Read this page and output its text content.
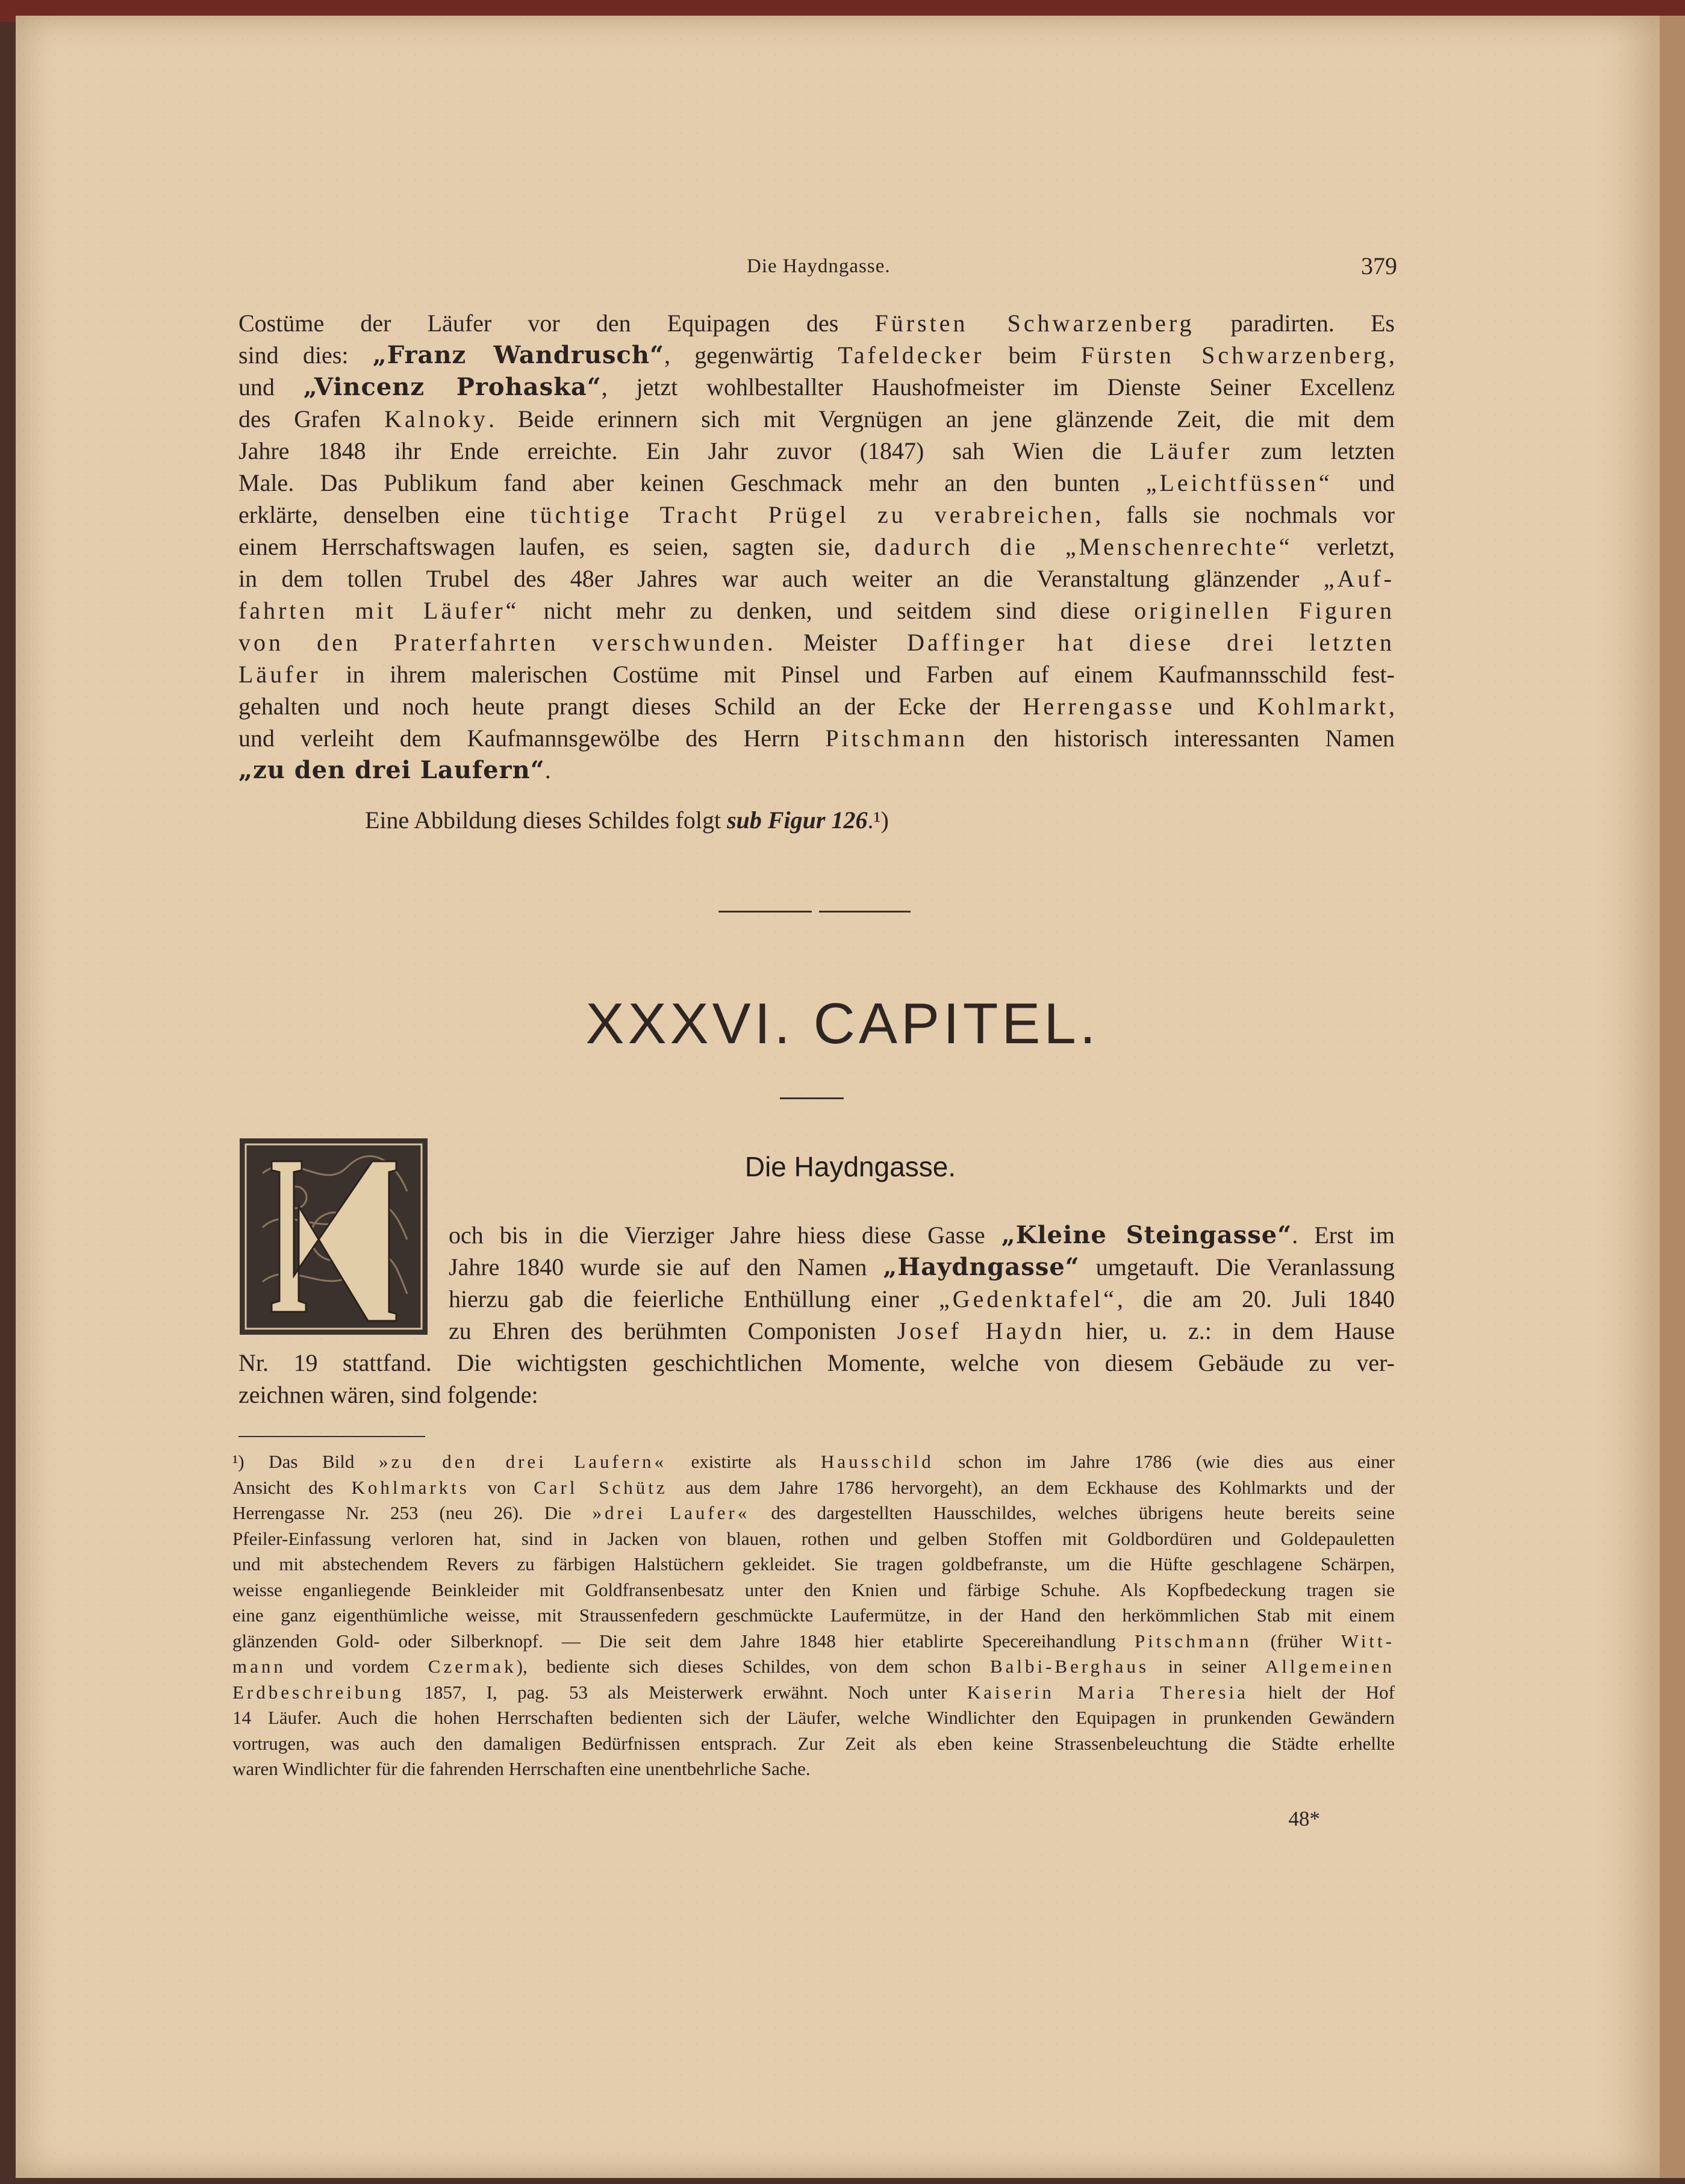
Die Haydngasse.	379
Costüme der Läufer vor den Equipagen des Fürsten Schwarzenberg paradirten. Es
sind dies: „Franz Wandrusch“, gegenwärtig Tafeldecker beim Fürsten Schwarzenberg,
und „Vincenz Prohaska“, jetzt wohlbestallter Haushofmeister im Dienste Seiner Excellenz
des Grafen Kalnoky. Beide erinnern sich mit Vergnügen an jene glänzende Zeit, die mit dem
Jahre 1848 ihr Ende erreichte. Ein Jahr zuvor (1847) sah Wien die Läufer zum letzten
Male. Das Publikum fand aber keinen Geschmack mehr an den bunten „Leichtfüssen“ und
erklärte, denselben eine tüchtige Tracht Prügel zu verabreichen, falls sie nochmals vor
einem Herrschaftswagen laufen, es seien, sagten sie, dadurch die „Menschenrechte“ verletzt,
in dem tollen Trubel des 48er Jahres war auch weiter an die Veranstaltung glänzender „Auf-
fahrten mit Läufer“ nicht mehr zu denken, und seitdem sind diese originellen Figuren
von den Praterfahrten verschwunden. Meister Daffinger hat diese drei letzten
Läufer in ihrem malerischen Costüme mit Pinsel und Farben auf einem Kaufmannsschild fest-
gehalten und noch heute prangt dieses Schild an der Ecke der Herrengasse und Kohlmarkt,
und verleiht dem Kaufmannsgewölbe des Herrn Pitschmann den historisch interessanten Namen
„zu den drei Laufern“.
Eine Abbildung dieses Schildes folgt sub Figur 126.¹)
XXXVI. CAPITEL.
N
Die Haydngasse.
och bis in die Vierziger Jahre hiess diese Gasse „Kleine Steingasse“. Erst im
Jahre 1840 wurde sie auf den Namen „Haydngasse“ umgetauft. Die Veranlassung
hierzu gab die feierliche Enthüllung einer „Gedenktafel“, die am 20. Juli 1840
zu Ehren des berühmten Componisten Josef Haydn hier, u. z.: in dem Hause
Nr. 19 stattfand. Die wichtigsten geschichtlichen Momente, welche von diesem Gebäude zu ver-
zeichnen wären, sind folgende:
¹) Das Bild »zu den drei Laufern« existirte als Hausschild schon im Jahre 1786 (wie dies aus einer
Ansicht des Kohlmarkts von Carl Schütz aus dem Jahre 1786 hervorgeht), an dem Eckhause des Kohlmarkts und der
Herrengasse Nr. 253 (neu 26). Die »drei Laufer« des dargestellten Hausschildes, welches übrigens heute bereits seine
Pfeiler-Einfassung verloren hat, sind in Jacken von blauen, rothen und gelben Stoffen mit Goldbordüren und Goldepauletten
und mit abstechendem Revers zu färbigen Halstüchern gekleidet. Sie tragen goldbefranste, um die Hüfte geschlagene Schärpen,
weisse enganliegende Beinkleider mit Goldfransenbesatz unter den Knien und färbige Schuhe. Als Kopfbedeckung tragen sie
eine ganz eigenthümliche weisse, mit Straussenfedern geschmückte Laufermütze, in der Hand den herkömmlichen Stab mit einem
glänzenden Gold- oder Silberknopf. — Die seit dem Jahre 1848 hier etablirte Specereihandlung Pitschmann (früher Witt-
mann und vordem Czermak), bediente sich dieses Schildes, von dem schon Balbi-Berghaus in seiner Allgemeinen
Erdbeschreibung 1857, I, pag. 53 als Meisterwerk erwähnt. Noch unter Kaiserin Maria Theresia hielt der Hof
14 Läufer. Auch die hohen Herrschaften bedienten sich der Läufer, welche Windlichter den Equipagen in prunkenden Gewändern
vortrugen, was auch den damaligen Bedürfnissen entsprach. Zur Zeit als eben keine Strassenbeleuchtung die Städte erhellte
waren Windlichter für die fahrenden Herrschaften eine unentbehrliche Sache.
48*
